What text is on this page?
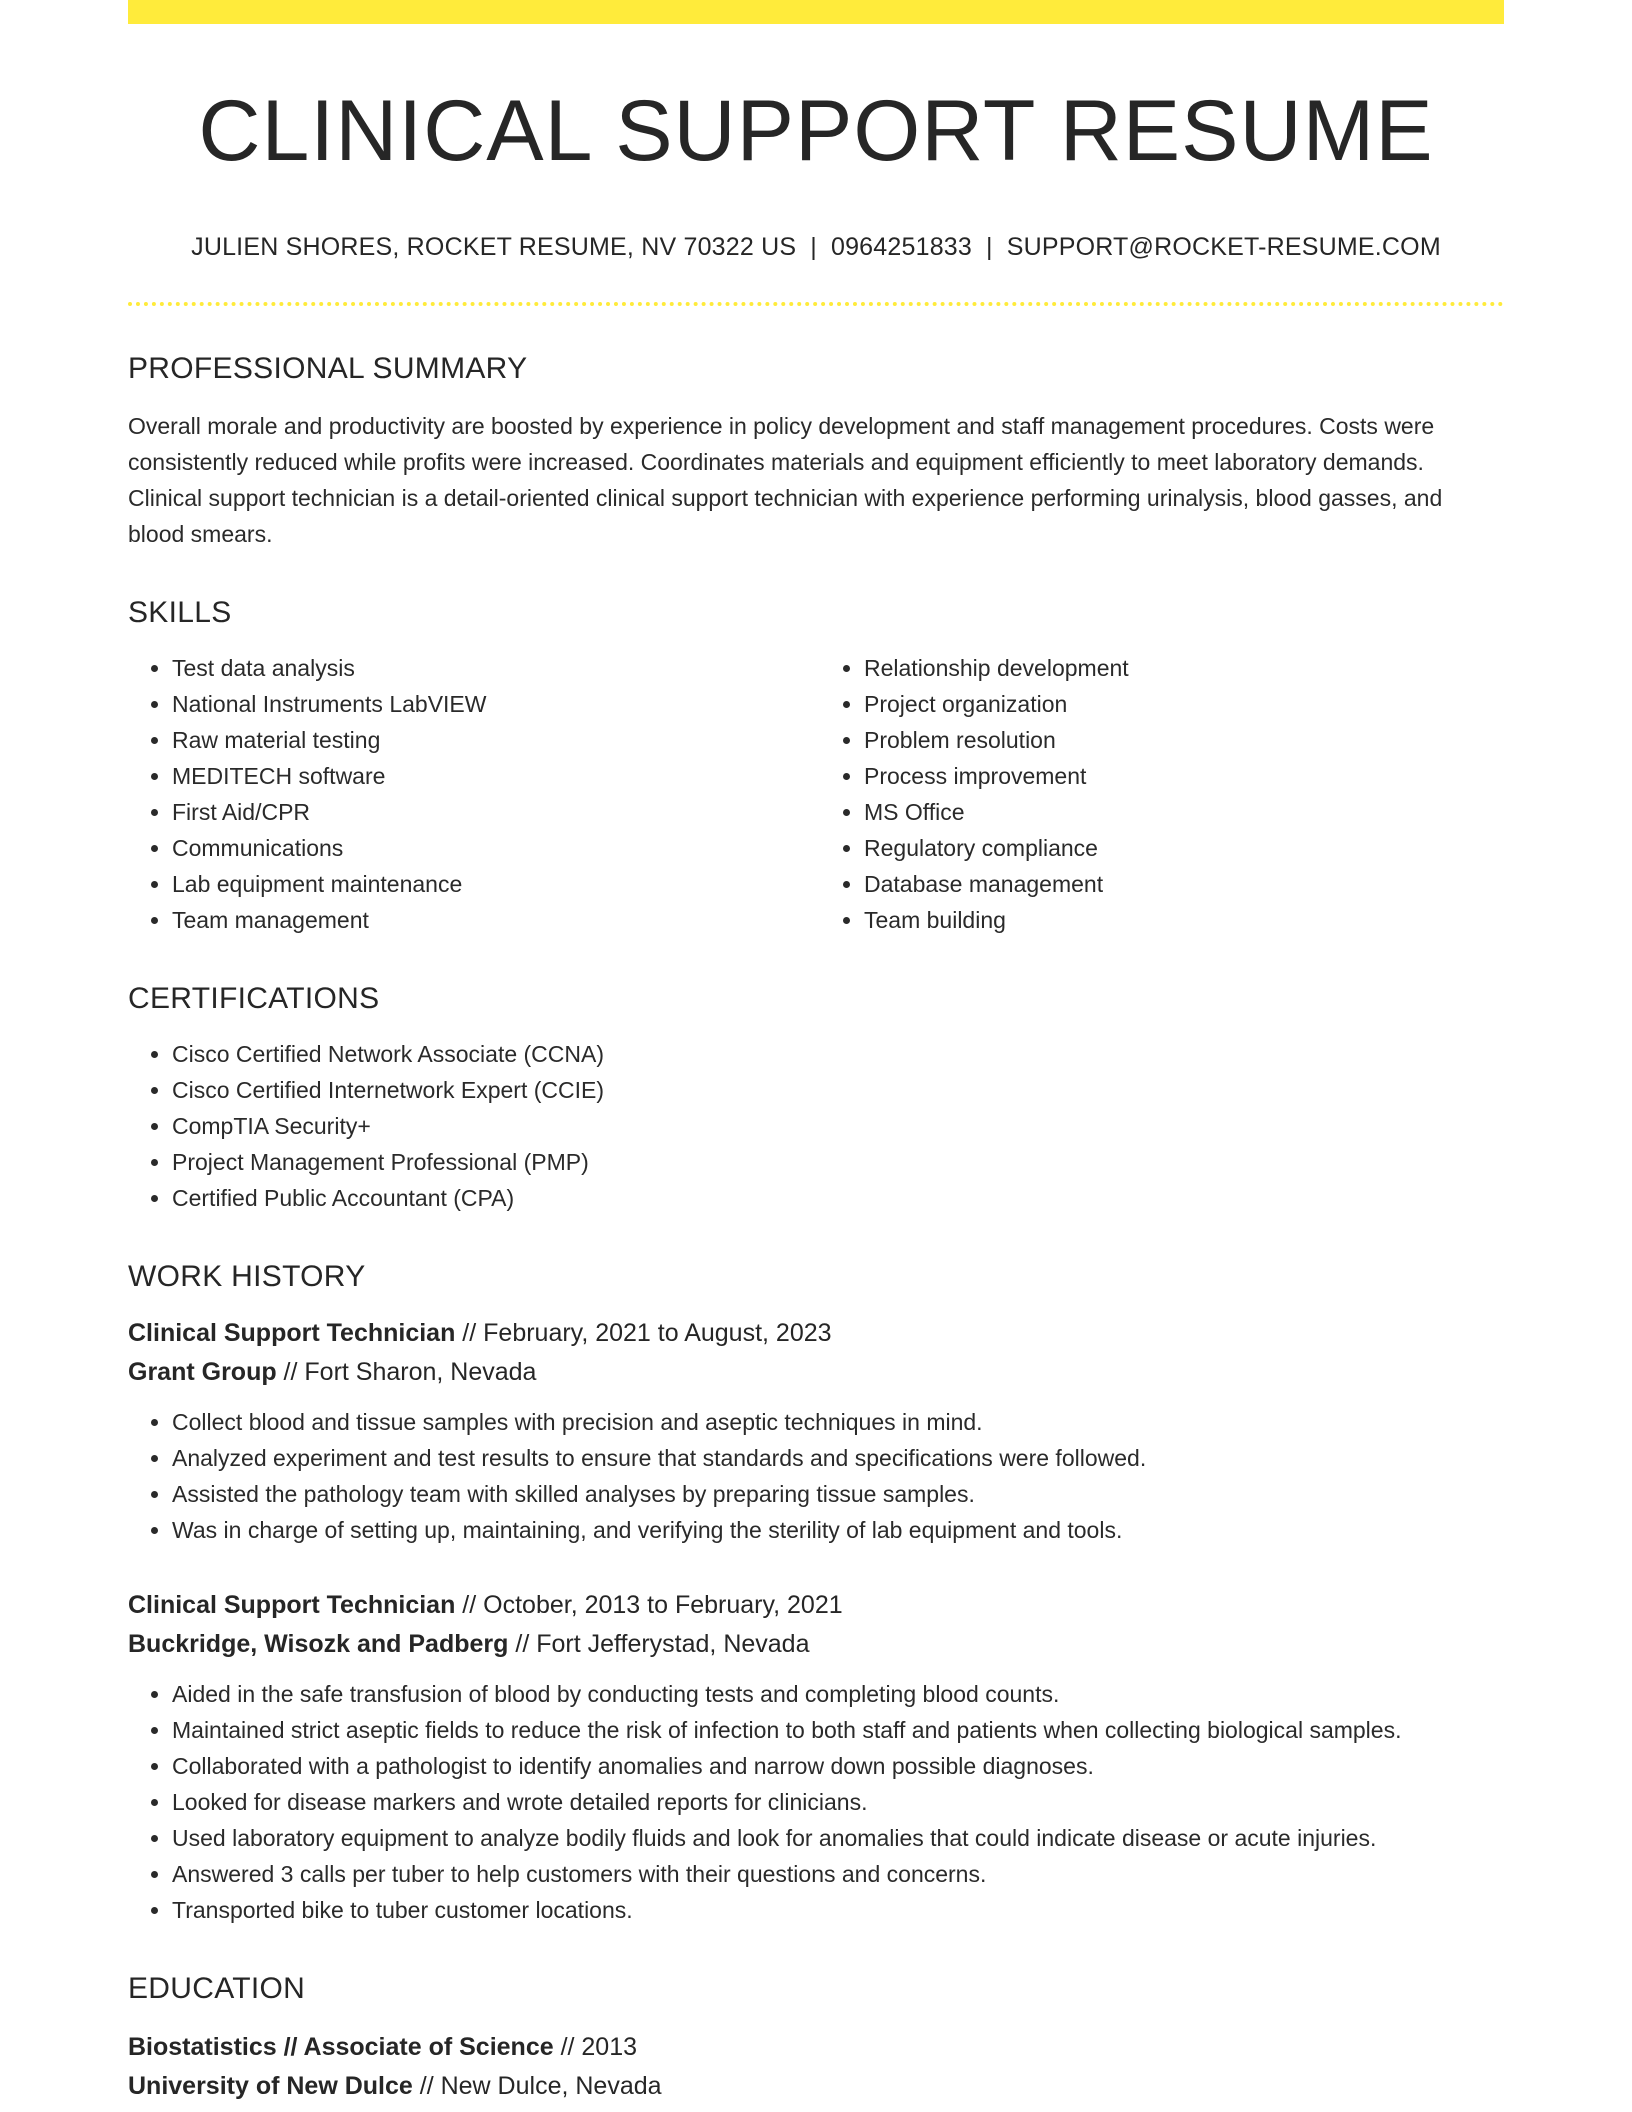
CLINICAL SUPPORT RESUME
JULIEN SHORES, ROCKET RESUME, NV 70322 US | 0964251833 | SUPPORT@ROCKET-RESUME.COM
PROFESSIONAL SUMMARY
Overall morale and productivity are boosted by experience in policy development and staff management procedures. Costs were consistently reduced while profits were increased. Coordinates materials and equipment efficiently to meet laboratory demands. Clinical support technician is a detail-oriented clinical support technician with experience performing urinalysis, blood gasses, and blood smears.
SKILLS
• Test data analysis
• National Instruments LabVIEW
• Raw material testing
• MEDITECH software
• First Aid/CPR
• Communications
• Lab equipment maintenance
• Team management
• Relationship development
• Project organization
• Problem resolution
• Process improvement
• MS Office
• Regulatory compliance
• Database management
• Team building
CERTIFICATIONS
• Cisco Certified Network Associate (CCNA)
• Cisco Certified Internetwork Expert (CCIE)
• CompTIA Security+
• Project Management Professional (PMP)
• Certified Public Accountant (CPA)
WORK HISTORY
Clinical Support Technician // February, 2021 to August, 2023
Grant Group // Fort Sharon, Nevada
• Collect blood and tissue samples with precision and aseptic techniques in mind.
• Analyzed experiment and test results to ensure that standards and specifications were followed.
• Assisted the pathology team with skilled analyses by preparing tissue samples.
• Was in charge of setting up, maintaining, and verifying the sterility of lab equipment and tools.
Clinical Support Technician // October, 2013 to February, 2021
Buckridge, Wisozk and Padberg // Fort Jefferystad, Nevada
• Aided in the safe transfusion of blood by conducting tests and completing blood counts.
• Maintained strict aseptic fields to reduce the risk of infection to both staff and patients when collecting biological samples.
• Collaborated with a pathologist to identify anomalies and narrow down possible diagnoses.
• Looked for disease markers and wrote detailed reports for clinicians.
• Used laboratory equipment to analyze bodily fluids and look for anomalies that could indicate disease or acute injuries.
• Answered 3 calls per tuber to help customers with their questions and concerns.
• Transported bike to tuber customer locations.
EDUCATION
Biostatistics // Associate of Science // 2013
University of New Dulce // New Dulce, Nevada
